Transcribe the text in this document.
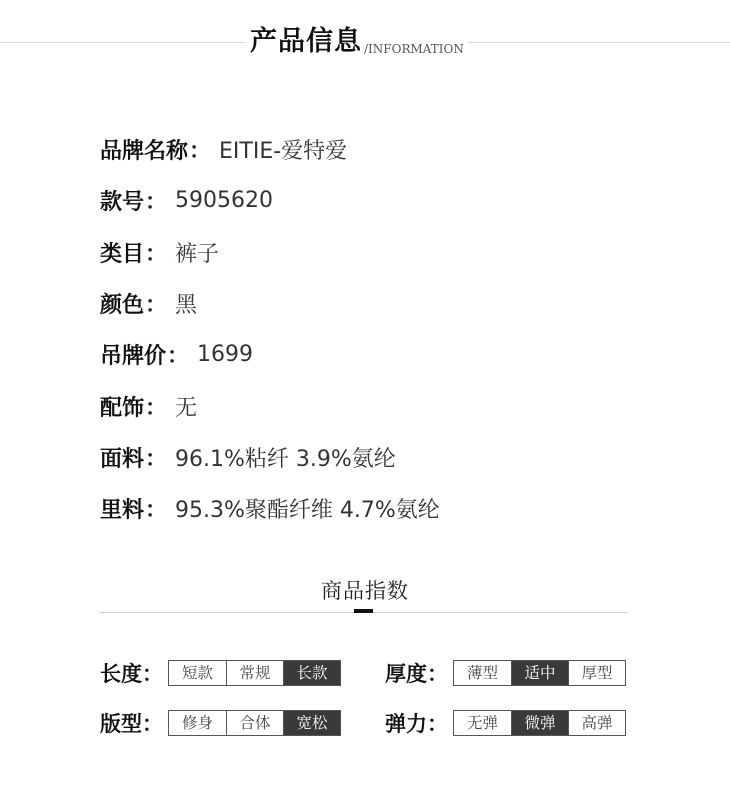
产品信息 /INFORMATION
品牌名称 ： EITIE-爱特爱
款号 ： 5905620
类目 ： 裤子
颜色 ： 黑
吊牌价 ： 1699
配饰 ： 无
面料 ： 96.1%粘纤 3.9%氨纶
里料 ： 95.3%聚酯纤维 4.7%氨纶
商品指数
长度：	短款	常规	长款	厚度：	薄型	适中	厚型
版型：	修身	合体	宽松	弹力：	无弹	微弹	高弹
